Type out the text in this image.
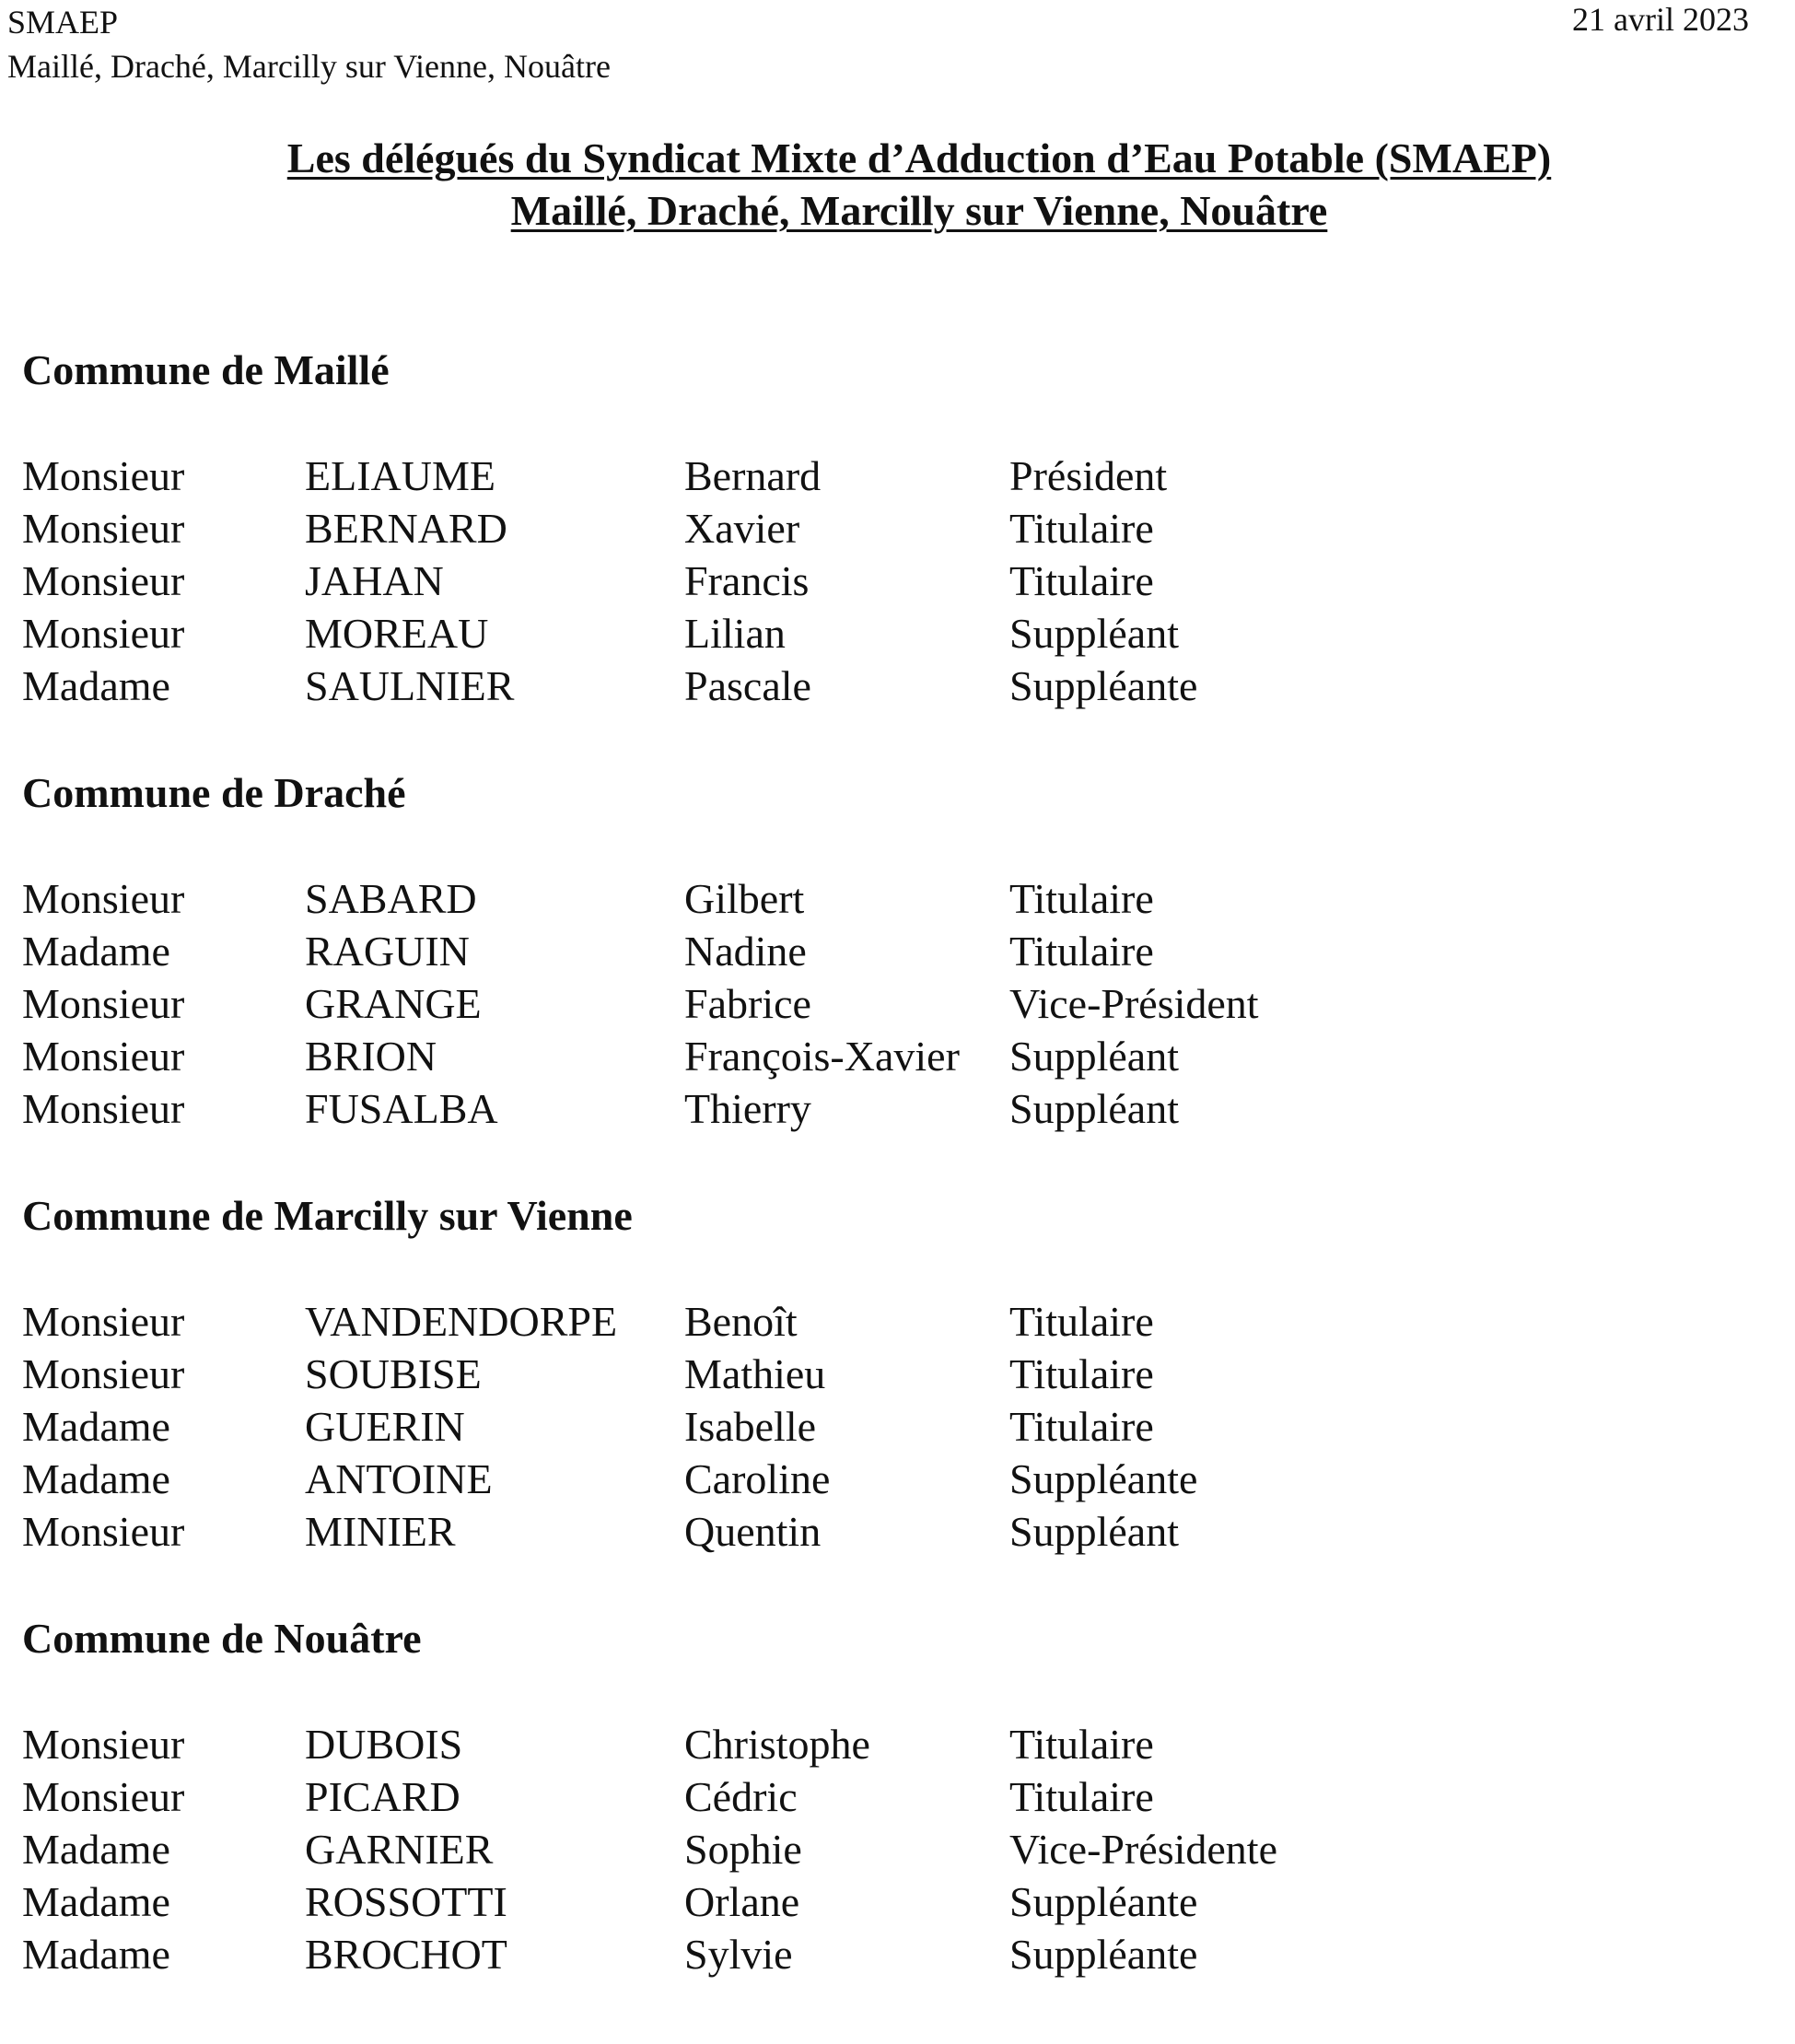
SMAEP
Maillé, Draché, Marcilly sur Vienne, Nouâtre
21 avril 2023
Les délégués du Syndicat Mixte d’Adduction d’Eau Potable (SMAEP)
Maillé, Draché, Marcilly sur Vienne, Nouâtre
Commune de Maillé
Monsieur	ELIAUME	Bernard	Président
Monsieur	BERNARD	Xavier	Titulaire
Monsieur	JAHAN	Francis	Titulaire
Monsieur	MOREAU	Lilian	Suppléant
Madame	SAULNIER	Pascale	Suppléante
Commune de Draché
Monsieur	SABARD	Gilbert	Titulaire
Madame	RAGUIN	Nadine	Titulaire
Monsieur	GRANGE	Fabrice	Vice-Président
Monsieur	BRION	François-Xavier	Suppléant
Monsieur	FUSALBA	Thierry	Suppléant
Commune de Marcilly sur Vienne
Monsieur	VANDENDORPE	Benoît	Titulaire
Monsieur	SOUBISE	Mathieu	Titulaire
Madame	GUERIN	Isabelle	Titulaire
Madame	ANTOINE	Caroline	Suppléante
Monsieur	MINIER	Quentin	Suppléant
Commune de Nouâtre
Monsieur	DUBOIS	Christophe	Titulaire
Monsieur	PICARD	Cédric	Titulaire
Madame	GARNIER	Sophie	Vice-Présidente
Madame	ROSSOTTI	Orlane	Suppléante
Madame	BROCHOT	Sylvie	Suppléante
